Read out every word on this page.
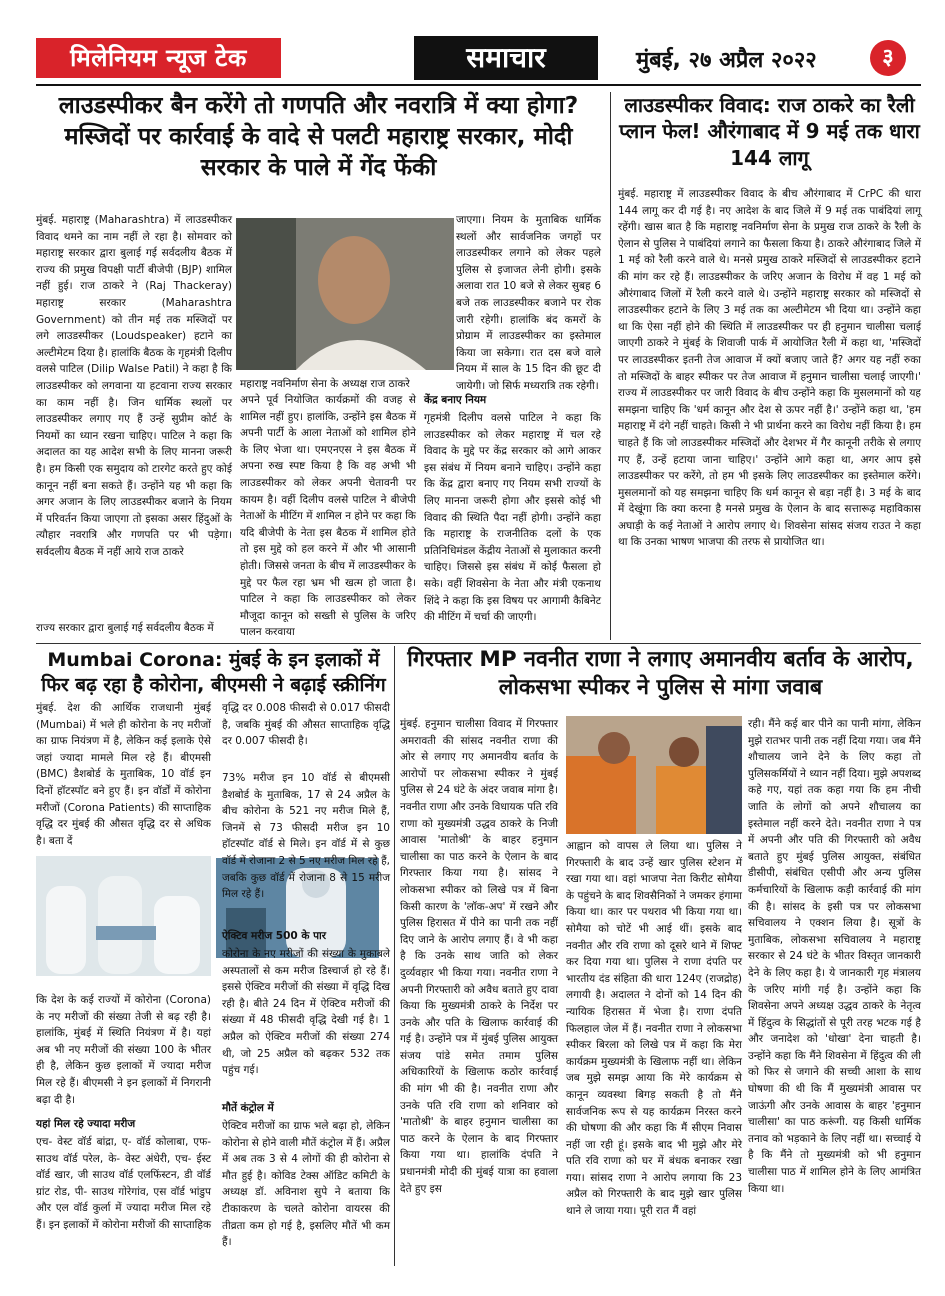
मिलेनियम न्यूज टेक	समाचार	मुंबई, २७ अप्रैल २०२२	३
लाउडस्पीकर बैन करेंगे तो गणपति और नवरात्रि में क्या होगा? मस्जिदों पर कार्रवाई के वादे से पलटी महाराष्ट्र सरकार, मोदी सरकार के पाले में गेंद फेंकी
मुंबई. महाराष्ट्र (Maharashtra) में लाउडस्पीकर विवाद थमने का नाम नहीं ले रहा है। सोमवार को महाराष्ट्र सरकार द्वारा बुलाई गई सर्वदलीय बैठक में राज्य की प्रमुख विपक्षी पार्टी बीजेपी (BJP) शामिल नहीं हुई। राज ठाकरे ने (Raj Thackeray) महाराष्ट्र सरकार (Maharashtra Government) को तीन मई तक मस्जिदों पर लगे लाउडस्पीकर (Loudspeaker) हटाने का अल्टीमेटम दिया है। हालांकि बैठक के गृहमंत्री दिलीप वलसे पाटिल (Dilip Walse Patil) ने कहा है कि लाउडस्पीकर को लगवाना या हटवाना राज्य सरकार का काम नहीं है। जिन धार्मिक स्थलों पर लाउडस्पीकर लगाए गए हैं उन्हें सुप्रीम कोर्ट के नियमों का ध्यान रखना चाहिए। पाटिल ने कहा कि अदालत का यह आदेश सभी के लिए मानना जरूरी है। हम किसी एक समुदाय को टारगेट करते हुए कोई कानून नहीं बना सकते हैं। उन्होंने यह भी कहा कि अगर अजान के लिए लाउडस्पीकर बजाने के नियम में परिवर्तन किया जाएगा तो इसका असर हिंदुओं के त्यौहार नवरात्रि और गणपति पर भी पड़ेगा। सर्वदलीय बैठक में नहीं आये राज ठाकरे
राज्य सरकार द्वारा बुलाई गई सर्वदलीय बैठक में
महाराष्ट्र नवनिर्माण सेना के अध्यक्ष राज ठाकरे
अपने पूर्व नियोजित कार्यक्रमों की वजह से शामिल नहीं हुए। हालांकि, उन्होंने इस बैठक में अपनी पार्टी के आला नेताओं को शामिल होने के लिए भेजा था। एमएनएस ने इस बैठक में अपना रुख स्पष्ट किया है कि वह अभी भी लाउडस्पीकर को लेकर अपनी चेतावनी पर कायम है। वहीं दिलीप वलसे पाटिल ने बीजेपी नेताओं के मीटिंग में शामिल न होने पर कहा कि यदि बीजेपी के नेता इस बैठक में शामिल होते तो इस मुद्दे को हल करने में और भी आसानी होती। जिससे जनता के बीच में लाउडस्पीकर के मुद्दे पर फैल रहा भ्रम भी खत्म हो जाता है। पाटिल ने कहा कि लाउडस्पीकर को लेकर मौजूदा कानून को सख्ती से पुलिस के जरिए पालन करवाया
जाएगा। नियम के मुताबिक धार्मिक स्थलों और सार्वजनिक जगहों पर लाउडस्पीकर लगाने को लेकर पहले पुलिस से इजाजत लेनी होगी। इसके अलावा रात 10 बजे से लेकर सुबह 6 बजे तक लाउडस्पीकर बजाने पर रोक जारी रहेगी। हालांकि बंद कमरों के प्रोग्राम में लाउडस्पीकर का इस्तेमाल किया जा सकेगा। रात दस बजे वाले नियम में साल के 15 दिन की छूट दी जायेगी। जो सिर्फ मध्यरात्रि तक रहेगी।
केंद्र बनाए नियम
गृहमंत्री दिलीप वलसे पाटिल ने कहा कि लाउडस्पीकर को लेकर महाराष्ट्र में चल रहे विवाद के मुद्दे पर केंद्र सरकार को आगे आकर इस संबंध में नियम बनाने चाहिए। उन्होंने कहा कि केंद्र द्वारा बनाए गए नियम सभी राज्यों के लिए मानना जरूरी होगा और इससे कोई भी विवाद की स्थिति पैदा नहीं होगी। उन्होंने कहा कि महाराष्ट्र के राजनीतिक दलों के एक प्रतिनिधिमंडल केंद्रीय नेताओं से मुलाकात करनी चाहिए। जिससे इस संबंध में कोई फैसला हो सके। वहीं शिवसेना के नेता और मंत्री एकनाथ शिंदे ने कहा कि इस विषय पर आगामी कैबिनेट की मीटिंग में चर्चा की जाएगी।
लाउडस्पीकर विवाद: राज ठाकरे का रैली प्लान फेल! औरंगाबाद में 9 मई तक धारा 144 लागू
मुंबई. महाराष्ट्र में लाउडस्पीकर विवाद के बीच औरंगाबाद में CrPC की धारा 144 लागू कर दी गई है। नए आदेश के बाद जिले में 9 मई तक पाबंदियां लागू रहेंगी। खास बात है कि महाराष्ट्र नवनिर्माण सेना के प्रमुख राज ठाकरे के रैली के ऐलान से पुलिस ने पाबंदियां लगाने का फैसला किया है। ठाकरे औरंगाबाद जिले में 1 मई को रैली करने वाले थे। मनसे प्रमुख ठाकरे मस्जिदों से लाउडस्पीकर हटाने की मांग कर रहे हैं। लाउडस्पीकर के जरिए अजान के विरोध में वह 1 मई को औरंगाबाद जिलों में रैली करने वाले थे। उन्होंने महाराष्ट्र सरकार को मस्जिदों से लाउडस्पीकर हटाने के लिए 3 मई तक का अल्टीमेटम भी दिया था। उन्होंने कहा था कि ऐसा नहीं होने की स्थिति में लाउडस्पीकर पर ही हनुमान चालीसा चलाई जाएगी ठाकरे ने मुंबई के शिवाजी पार्क में आयोजित रैली में कहा था, 'मस्जिदों पर लाउडस्पीकर इतनी तेज आवाज में क्यों बजाए जाते हैं? अगर यह नहीं रुका तो मस्जिदों के बाहर स्पीकर पर तेज आवाज में हनुमान चालीसा चलाई जाएगी।' राज्य में लाउडस्पीकर पर जारी विवाद के बीच उन्होंने कहा कि मुसलमानों को यह समझना चाहिए कि 'धर्म कानून और देश से ऊपर नहीं है।' उन्होंने कहा था, 'हम महाराष्ट्र में दंगे नहीं चाहते। किसी ने भी प्रार्थना करने का विरोध नहीं किया है। हम चाहते हैं कि जो लाउडस्पीकर मस्जिदों और देशभर में गैर कानूनी तरीके से लगाए गए हैं, उन्हें हटाया जाना चाहिए।' उन्होंने आगे कहा था, अगर आप इसे लाउडस्पीकर पर करेंगे, तो हम भी इसके लिए लाउडस्पीकर का इस्तेमाल करेंगे। मुसलमानों को यह समझना चाहिए कि धर्म कानून से बड़ा नहीं है। 3 मई के बाद में देखूंगा कि क्या करना है मनसे प्रमुख के ऐलान के बाद सत्तारूढ़ महाविकास अघाड़ी के कई नेताओं ने आरोप लगाए थे। शिवसेना सांसद संजय राउत ने कहा था कि उनका भाषण भाजपा की तरफ से प्रायोजित था।
Mumbai Corona: मुंबई के इन इलाकों में फिर बढ़ रहा है कोरोना, बीएमसी ने बढ़ाई स्क्रीनिंग
मुंबई. देश की आर्थिक राजधानी मुंबई (Mumbai) में भले ही कोरोना के नए मरीजों का ग्राफ नियंत्रण में है, लेकिन कई इलाके ऐसे जहां ज्यादा मामले मिल रहे हैं। बीएमसी (BMC) डैशबोर्ड के मुताबिक, 10 वॉर्ड इन दिनों हॉटस्पॉट बने हुए हैं। इन वॉर्डों में कोरोना मरीजों (Corona Patients) की साप्ताहिक वृद्धि दर मुंबई की औसत वृद्धि दर से अधिक है। बता दें
कि देश के कई राज्यों में कोरोना (Corona) के नए मरीजों की संख्या तेजी से बढ़ रही है। हालांकि, मुंबई में स्थिति नियंत्रण में है। यहां अब भी नए मरीजों की संख्या 100 के भीतर ही है, लेकिन कुछ इलाकों में ज्यादा मरीज मिल रहे हैं। बीएमसी ने इन इलाकों में निगरानी बढ़ा दी है।
यहां मिल रहे ज्यादा मरीज
एच- वेस्ट वॉर्ड बांद्रा, ए- वॉर्ड कोलाबा, एफ- साउथ वॉर्ड परेल, के- वेस्ट अंधेरी, एच- ईस्ट वॉर्ड खार, जी साउथ वॉर्ड एलफिंस्टन, डी वॉर्ड ग्रांट रोड, पी- साउथ गोरेगांव, एस वॉर्ड भांडुप और एल वॉर्ड कुर्ला में ज्यादा मरीज मिल रहे हैं। इन इलाकों में कोरोना मरीजों की साप्ताहिक
वृद्धि दर 0.008 फीसदी से 0.017 फीसदी है, जबकि मुंबई की औसत साप्ताहिक वृद्धि दर 0.007 फीसदी है।
73% मरीज इन 10 वॉर्ड से बीएमसी डैशबोर्ड के मुताबिक, 17 से 24 अप्रैल के बीच कोरोना के 521 नए मरीज मिले हैं, जिनमें से 73 फीसदी मरीज इन 10 हॉटस्पॉट वॉर्ड से मिले। इन वॉर्ड में से कुछ वॉर्ड में रोजाना 2 से 5 नए मरीज मिल रहे हैं, जबकि कुछ वॉर्ड में रोजाना 8 से 15 मरीज मिल रहे हैं।
ऐक्टिव मरीज 500 के पार
कोरोना के नए मरीजों की संख्या के मुकाबले अस्पतालों से कम मरीज डिस्चार्ज हो रहे हैं। इससे ऐक्टिव मरीजों की संख्या में वृद्धि दिख रही है। बीते 24 दिन में ऐक्टिव मरीजों की संख्या में 48 फीसदी वृद्धि देखी गई है। 1 अप्रैल को ऐक्टिव मरीजों की संख्या 274 थी, जो 25 अप्रैल को बढ़कर 532 तक पहुंच गई।
मौतें कंट्रोल में
ऐक्टिव मरीजों का ग्राफ भले बढ़ा हो, लेकिन कोरोना से होने वाली मौतें कंट्रोल में हैं। अप्रैल में अब तक 3 से 4 लोगों की ही कोरोना से मौत हुई है। कोविड टेक्स ऑडिट कमिटी के अध्यक्ष डॉ. अविनाश सुपे ने बताया कि टीकाकरण के चलते कोरोना वायरस की तीव्रता कम हो गई है, इसलिए मौतें भी कम हैं।
गिरफ्तार MP नवनीत राणा ने लगाए अमानवीय बर्ताव के आरोप, लोकसभा स्पीकर ने पुलिस से मांगा जवाब
मुंबई. हनुमान चालीसा विवाद में गिरफ्तार अमरावती की सांसद नवनीत राणा की ओर से लगाए गए अमानवीय बर्ताव के आरोपों पर लोकसभा स्पीकर ने मुंबई पुलिस से 24 घंटे के अंदर जवाब मांगा है। नवनीत राणा और उनके विधायक पति रवि राणा को मुख्यमंत्री उद्धव ठाकरे के निजी आवास 'मातोश्री' के बाहर हनुमान चालीसा का पाठ करने के ऐलान के बाद गिरफ्तार किया गया है। सांसद ने लोकसभा स्पीकर को लिखे पत्र में बिना किसी कारण के 'लॉक-अप' में रखने और पुलिस हिरासत में पीने का पानी तक नहीं दिए जाने के आरोप लगाए हैं। वे भी कहा है कि उनके साथ जाति को लेकर दुर्व्यवहार भी किया गया। नवनीत राणा ने अपनी गिरफ्तारी को अवैध बताते हुए दावा किया कि मुख्यमंत्री ठाकरे के निर्देश पर उनके और पति के खिलाफ कार्रवाई की गई है। उन्होंने पत्र में मुंबई पुलिस आयुक्त संजय पांडे समेत तमाम पुलिस अधिकारियों के खिलाफ कठोर कार्रवाई की मांग भी की है। नवनीत राणा और उनके पति रवि राणा को शनिवार को 'मातोश्री' के बाहर हनुमान चालीसा का पाठ करने के ऐलान के बाद गिरफ्तार किया गया था। हालांकि दंपति ने प्रधानमंत्री मोदी की मुंबई यात्रा का हवाला देते हुए इस
आह्वान को वापस ले लिया था। पुलिस ने गिरफ्तारी के बाद उन्हें खार पुलिस स्टेशन में रखा गया था। वहां भाजपा नेता किरीट सोमैया के पहुंचने के बाद शिवसैनिकों ने जमकर हंगामा किया था। कार पर पथराव भी किया गया था। सोमैया को चोटें भी आई थीं। इसके बाद नवनीत और रवि राणा को दूसरे थाने में शिफ्ट कर दिया गया था। पुलिस ने राणा दंपति पर भारतीय दंड संहिता की धारा 124ए (राजद्रोह) लगायी है। अदालत ने दोनों को 14 दिन की न्यायिक हिरासत में भेजा है। राणा दंपति फिलहाल जेल में हैं। नवनीत राणा ने लोकसभा स्पीकर बिरला को लिखे पत्र में कहा कि मेरा कार्यक्रम मुख्यमंत्री के खिलाफ नहीं था। लेकिन जब मुझे समझ आया कि मेरे कार्यक्रम से कानून व्यवस्था बिगड़ सकती है तो मैंने सार्वजनिक रूप से यह कार्यक्रम निरस्त करने की घोषणा की और कहा कि मैं सीएम निवास नहीं जा रही हूं। इसके बाद भी मुझे और मेरे पति रवि राणा को घर में बंधक बनाकर रखा गया। सांसद राणा ने आरोप लगाया कि 23 अप्रैल को गिरफ्तारी के बाद मुझे खार पुलिस थाने ले जाया गया। पूरी रात मैं वहां
रही। मैंने कई बार पीने का पानी मांगा, लेकिन मुझे रातभर पानी तक नहीं दिया गया। जब मैंने शौचालय जाने देने के लिए कहा तो पुलिसकर्मियों ने ध्यान नहीं दिया। मुझे अपशब्द कहे गए, यहां तक कहा गया कि हम नीची जाति के लोगों को अपने शौचालय का इस्तेमाल नहीं करने देते। नवनीत राणा ने पत्र में अपनी और पति की गिरफ्तारी को अवैध बताते हुए मुंबई पुलिस आयुक्त, संबंधित डीसीपी, संबंधित एसीपी और अन्य पुलिस कर्मचारियों के खिलाफ कड़ी कार्रवाई की मांग की है। सांसद के इसी पत्र पर लोकसभा सचिवालय ने एक्शन लिया है। सूत्रों के मुताबिक, लोकसभा सचिवालय ने महाराष्ट्र सरकार से 24 घंटे के भीतर विस्तृत जानकारी देने के लिए कहा है। ये जानकारी गृह मंत्रालय के जरिए मांगी गई है। उन्होंने कहा कि शिवसेना अपने अध्यक्ष उद्धव ठाकरे के नेतृत्व में हिंदुत्व के सिद्धांतों से पूरी तरह भटक गई है और जनादेश को 'धोखा' देना चाहती है। उन्होंने कहा कि मैंने शिवसेना में हिंदुत्व की ली को फिर से जगाने की सच्ची आशा के साथ घोषणा की थी कि मैं मुख्यमंत्री आवास पर जाऊंगी और उनके आवास के बाहर 'हनुमान चालीसा' का पाठ करूंगी. यह किसी धार्मिक तनाव को भड़काने के लिए नहीं था। सच्चाई ये है कि मैंने तो मुख्यमंत्री को भी हनुमान चालीसा पाठ में शामिल होने के लिए आमंत्रित किया था।
